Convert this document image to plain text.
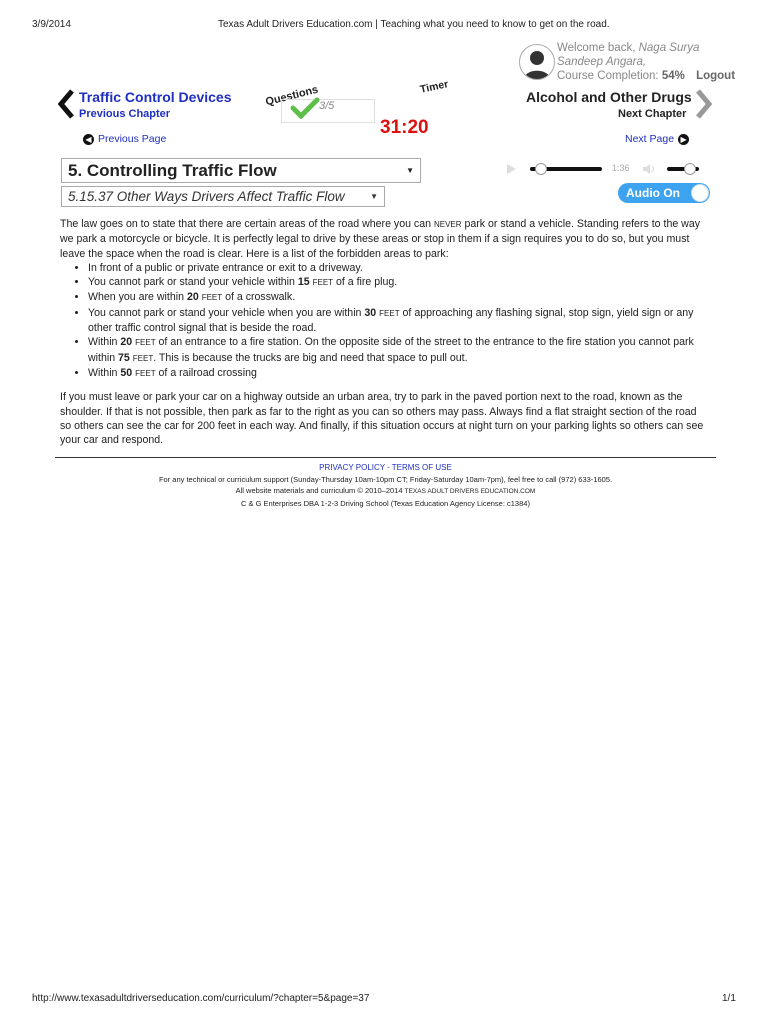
3/9/2014	Texas Adult Drivers Education.com | Teaching what you need to know to get on the road.
Welcome back, Naga Surya
Sandeep Angara,
Course Completion: 54% Logout
Traffic Control Devices
Previous Chapter
◀ Previous Page
Questions 3/5
Timer
31:20
Alcohol and Other Drugs
Next Chapter
Next Page ▶
5. Controlling Traffic Flow	▼
5.15.37 Other Ways Drivers Affect Traffic Flow	▼
1:36
Audio On

The law goes on to state that there are certain areas of the road where you can NEVER park or stand a vehicle. Standing refers to the way we park a motorcycle or bicycle. It is perfectly legal to drive by these areas or stop in them if a sign requires you to do so, but you must leave the space when the road is clear. Here is a list of the forbidden areas to park:

• In front of a public or private entrance or exit to a driveway.
• You cannot park or stand your vehicle within 15 FEET of a fire plug.
• When you are within 20 FEET of a crosswalk.
• You cannot park or stand your vehicle when you are within 30 FEET of approaching any flashing signal, stop sign, yield sign or any other traffic control signal that is beside the road.
• Within 20 FEET of an entrance to a fire station. On the opposite side of the street to the entrance to the fire station you cannot park within 75 FEET. This is because the trucks are big and need that space to pull out.
• Within 50 FEET of a railroad crossing

If you must leave or park your car on a highway outside an urban area, try to park in the paved portion next to the road, known as the shoulder. If that is not possible, then park as far to the right as you can so others may pass. Always find a flat straight section of the road so others can see the car for 200 feet in each way. And finally, if this situation occurs at night turn on your parking lights so others can see your car and respond.

PRIVACY POLICY - TERMS OF USE
For any technical or curriculum support (Sunday-Thursday 10am-10pm CT; Friday-Saturday 10am-7pm), feel free to call (972) 633-1605.
All website materials and curriculum © 2010–2014 TEXAS ADULT DRIVERS EDUCATION.COM
C & G Enterprises DBA 1-2-3 Driving School (Texas Education Agency License: c1384)
http://www.texasadultdriverseducation.com/curriculum/?chapter=5&page=37	1/1
